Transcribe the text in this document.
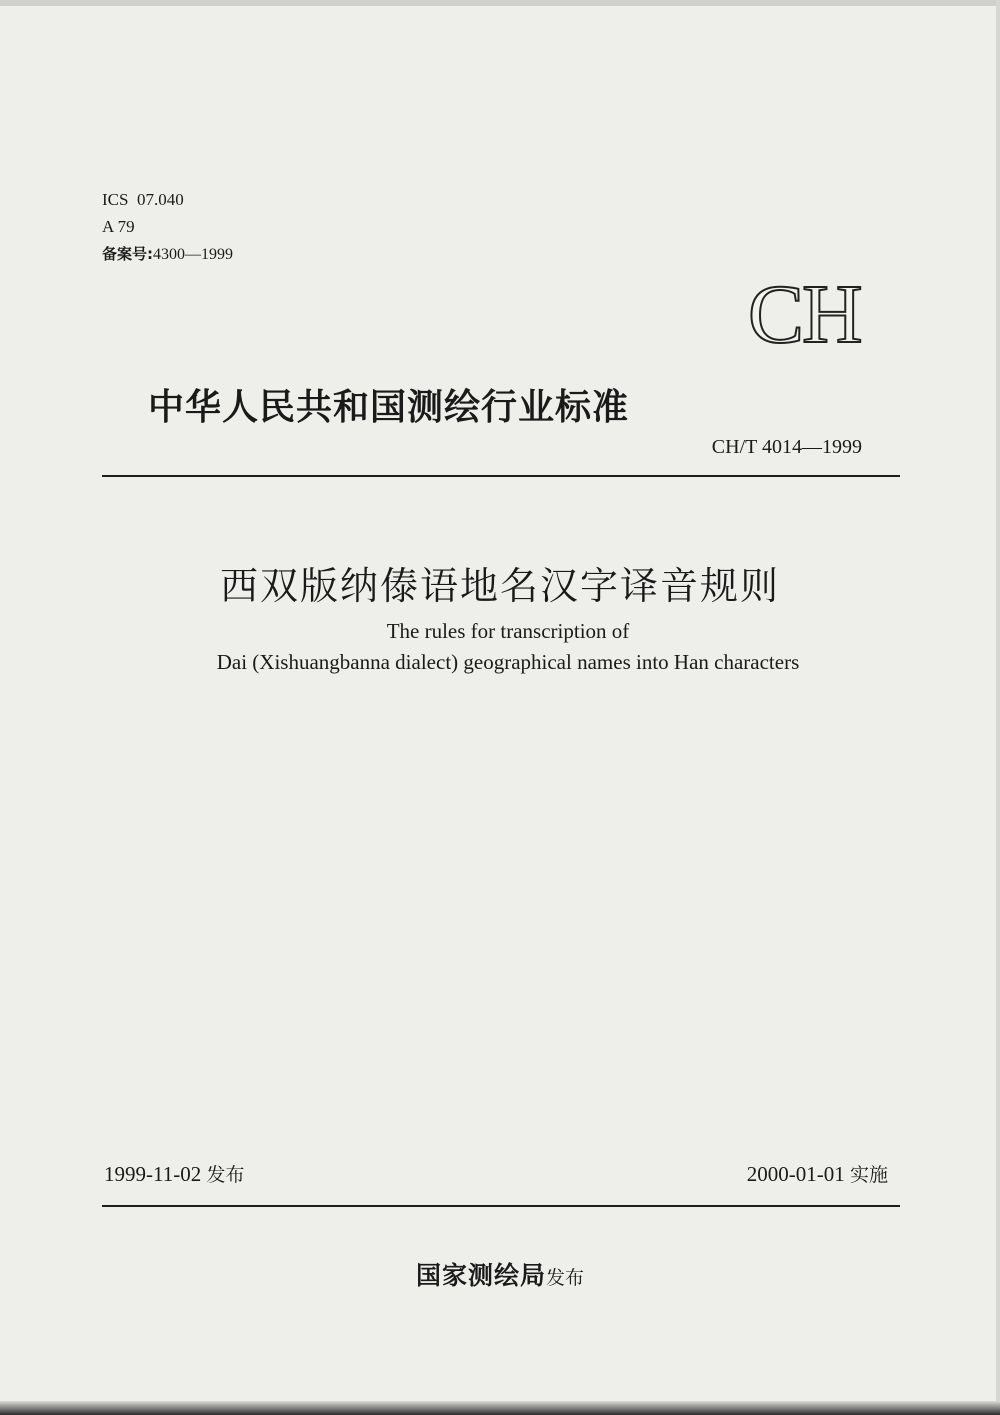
ICS 07.040
A 79
备案号:4300—1999
CH
中华人民共和国测绘行业标准
CH/T 4014—1999
西双版纳傣语地名汉字译音规则
The rules for transcription of
Dai (Xishuangbanna dialect) geographical names into Han characters
1999-11-02 发布	2000-01-01 实施
国家测绘局发布
